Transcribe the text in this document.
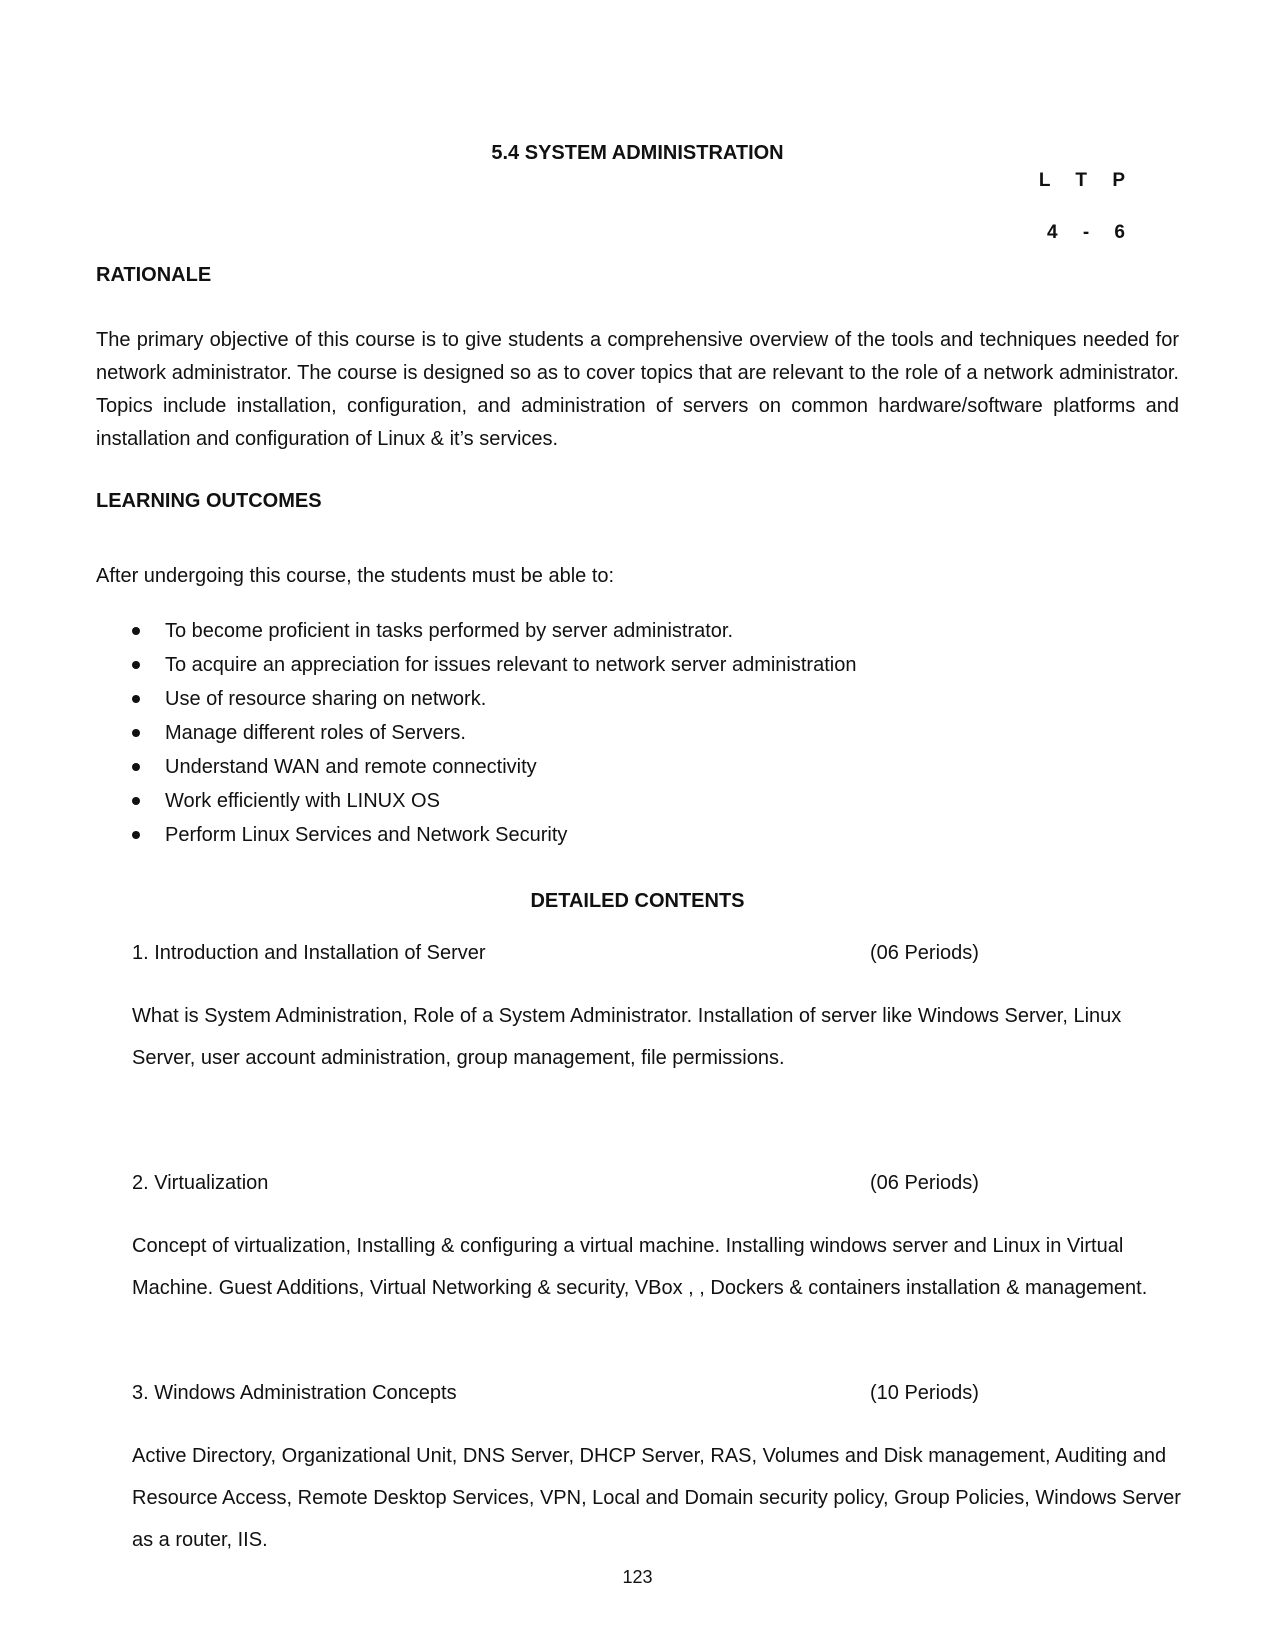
5.4 SYSTEM ADMINISTRATION
L T P
4 - 6
RATIONALE

The primary objective of this course is to give students a comprehensive overview of the tools and techniques needed for network administrator. The course is designed so as to cover topics that are relevant to the role of a network administrator. Topics include installation, configuration, and administration of servers on common hardware/software platforms and installation and configuration of Linux & it’s services.

LEARNING OUTCOMES

After undergoing this course, the students must be able to:

To become proficient in tasks performed by server administrator.
To acquire an appreciation for issues relevant to network server administration
Use of resource sharing on network.
Manage different roles of Servers.
Understand WAN and remote connectivity
Work efficiently with LINUX OS
Perform Linux Services and Network Security
DETAILED CONTENTS
1. Introduction and Installation of Server	(06 Periods)

What is System Administration, Role of a System Administrator. Installation of server like Windows Server, Linux Server, user account administration, group management, file permissions.

2. Virtualization	(06 Periods)

Concept of virtualization, Installing & configuring a virtual machine. Installing windows server and Linux in Virtual Machine. Guest Additions, Virtual Networking & security, VBox , , Dockers & containers installation & management.

3. Windows Administration Concepts	(10 Periods)

Active Directory, Organizational Unit, DNS Server, DHCP Server, RAS, Volumes and Disk management, Auditing and Resource Access, Remote Desktop Services, VPN, Local and Domain security policy, Group Policies, Windows Server as a router, IIS.

123
